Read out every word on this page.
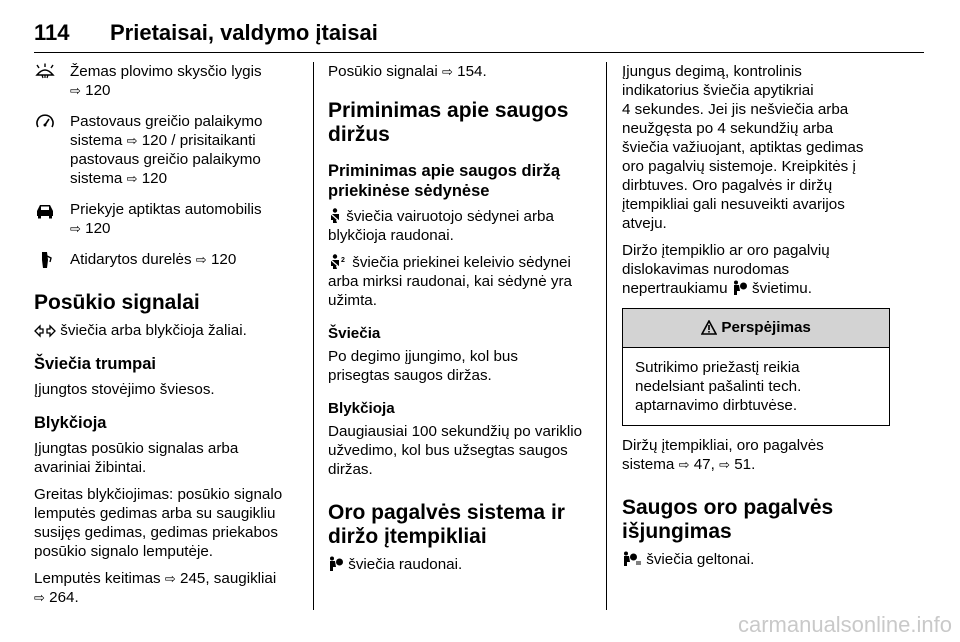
114 Prietaisai, valdymo įtaisai
Žemas plovimo skysčio lygis
⇨ 120
Pastovaus greičio palaikymo
sistema ⇨ 120 / prisitaikanti
pastovaus greičio palaikymo
sistema ⇨ 120
Priekyje aptiktas automobilis
⇨ 120
Atidarytos durelės ⇨ 120
Posūkio signalai

šviečia arba blykčioja žaliai.

Šviečia trumpai

Įjungtos stovėjimo šviesos.

Blykčioja

Įjungtas posūkio signalas arba
avariniai žibintai.

Greitas blykčiojimas: posūkio signalo
lemputės gedimas arba su saugikliu
susijęs gedimas, gedimas priekabos
posūkio signalo lemputėje.

Lemputės keitimas ⇨ 245, saugikliai
⇨ 264.

Posūkio signalai ⇨ 154.

Priminimas apie saugos
diržus
Priminimas apie saugos diržą
priekinėse sėdynėse

šviečia vairuotojo sėdynei arba
blykčioja raudonai.

2 šviečia priekinei keleivio sėdynei
arba mirksi raudonai, kai sėdynė yra
užimta.

Šviečia

Po degimo įjungimo, kol bus
prisegtas saugos diržas.

Blykčioja

Daugiausiai 100 sekundžių po variklio
užvedimo, kol bus užsegtas saugos
diržas.

Oro pagalvės sistema ir
diržo įtempikliai

šviečia raudonai.

Įjungus degimą, kontrolinis
indikatorius šviečia apytikriai
4 sekundes. Jei jis nešviečia arba
neužgęsta po 4 sekundžių arba
šviečia važiuojant, aptiktas gedimas
oro pagalvių sistemoje. Kreipkitės į
dirbtuves. Oro pagalvės ir diržų
įtempikliai gali nesuveikti avarijos
atveju.

Diržo įtempiklio ar oro pagalvių
dislokavimas nurodomas
nepertraukiamu švietimu.

Perspėjimas
Sutrikimo priežastį reikia
nedelsiant pašalinti tech.
aptarnavimo dirbtuvėse.

Diržų įtempikliai, oro pagalvės
sistema ⇨ 47, ⇨ 51.

Saugos oro pagalvės
išjungimas

šviečia geltonai.

carmanualsonline.info
